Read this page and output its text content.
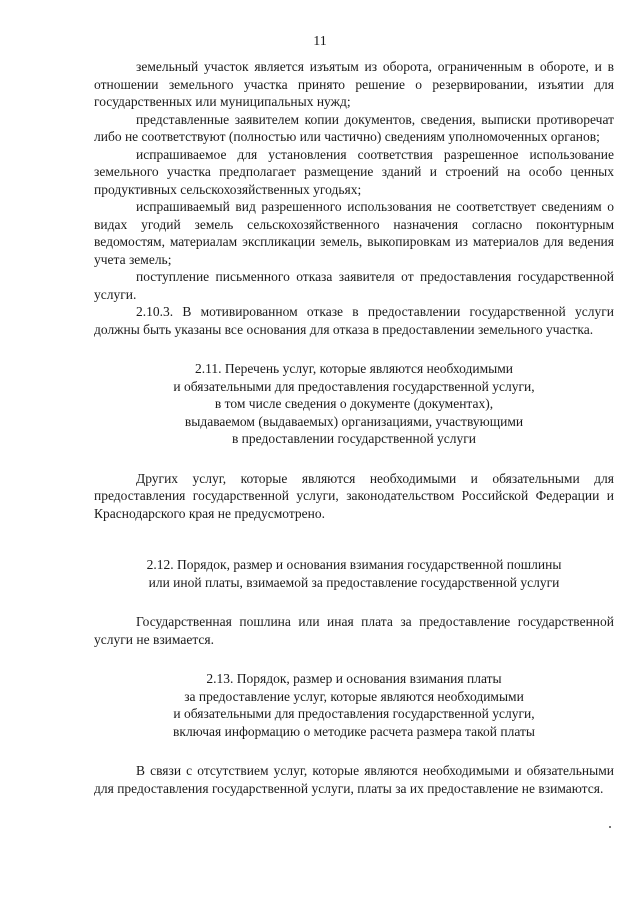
11

земельный участок является изъятым из оборота, ограниченным в обороте, и в отношении земельного участка принято решение о резервировании, изъятии для государственных или муниципальных нужд;

представленные заявителем копии документов, сведения, выписки противоречат либо не соответствуют (полностью или частично) сведениям уполномоченных органов;

испрашиваемое для установления соответствия разрешенное использование земельного участка предполагает размещение зданий и строений на особо ценных продуктивных сельскохозяйственных угодьях;

испрашиваемый вид разрешенного использования не соответствует сведениям о видах угодий земель сельскохозяйственного назначения согласно поконтурным ведомостям, материалам экспликации земель, выкопировкам из материалов для ведения учета земель;

поступление письменного отказа заявителя от предоставления государственной услуги.

2.10.3. В мотивированном отказе в предоставлении государственной услуги должны быть указаны все основания для отказа в предоставлении земельного участка.

2.11. Перечень услуг, которые являются необходимыми

и обязательными для предоставления государственной услуги,

в том числе сведения о документе (документах),

выдаваемом (выдаваемых) организациями, участвующими

в предоставлении государственной услуги

Других услуг, которые являются необходимыми и обязательными для предоставления государственной услуги, законодательством Российской Федерации и Краснодарского края не предусмотрено.

2.12. Порядок, размер и основания взимания государственной пошлины

или иной платы, взимаемой за предоставление государственной услуги

Государственная пошлина или иная плата за предоставление государственной услуги не взимается.

2.13. Порядок, размер и основания взимания платы

за предоставление услуг, которые являются необходимыми

и обязательными для предоставления государственной услуги,

включая информацию о методике расчета размера такой платы

В связи с отсутствием услуг, которые являются необходимыми и обязательными для предоставления государственной услуги, платы за их предоставление не взимаются.
